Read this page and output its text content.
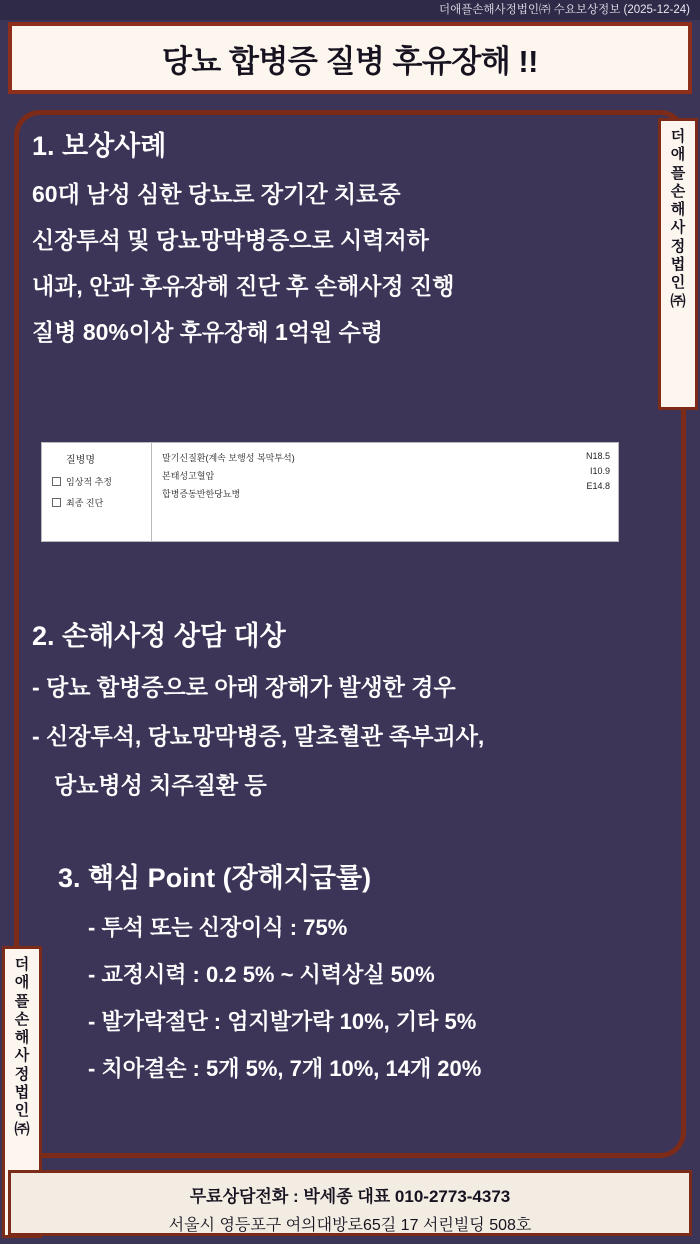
더애플손해사정법인㈜ 수요보상정보 (2025-12-24)
당뇨 합병증 질병 후유장해 !!
더
애
플
손
해
사
정
법
인
㈜
더
애
플
손
해
사
정
법
인
㈜
1. 보상사례
60대 남성 심한 당뇨로 장기간 치료중
신장투석 및 당뇨망막병증으로 시력저하
내과, 안과 후유장해 진단 후 손해사정 진행
질병 80%이상 후유장해 1억원 수령
질병명
임상적 추정
최종 진단
말기신질환(계속 보행성 복막투석)
본태성고혈압
합병증동반한당뇨병
N18.5
I10.9
E14.8
2. 손해사정 상담 대상
- 당뇨 합병증으로 아래 장해가 발생한 경우
- 신장투석, 당뇨망막병증, 말초혈관 족부괴사,
당뇨병성 치주질환 등
3. 핵심 Point (장해지급률)
- 투석 또는 신장이식 : 75%
- 교정시력 : 0.2 5% ~ 시력상실 50%
- 발가락절단 : 엄지발가락 10%, 기타 5%
- 치아결손 : 5개 5%, 7개 10%, 14개 20%
무료상담전화 : 박세종 대표 010-2773-4373
서울시 영등포구 여의대방로65길 17 서린빌딩 508호
